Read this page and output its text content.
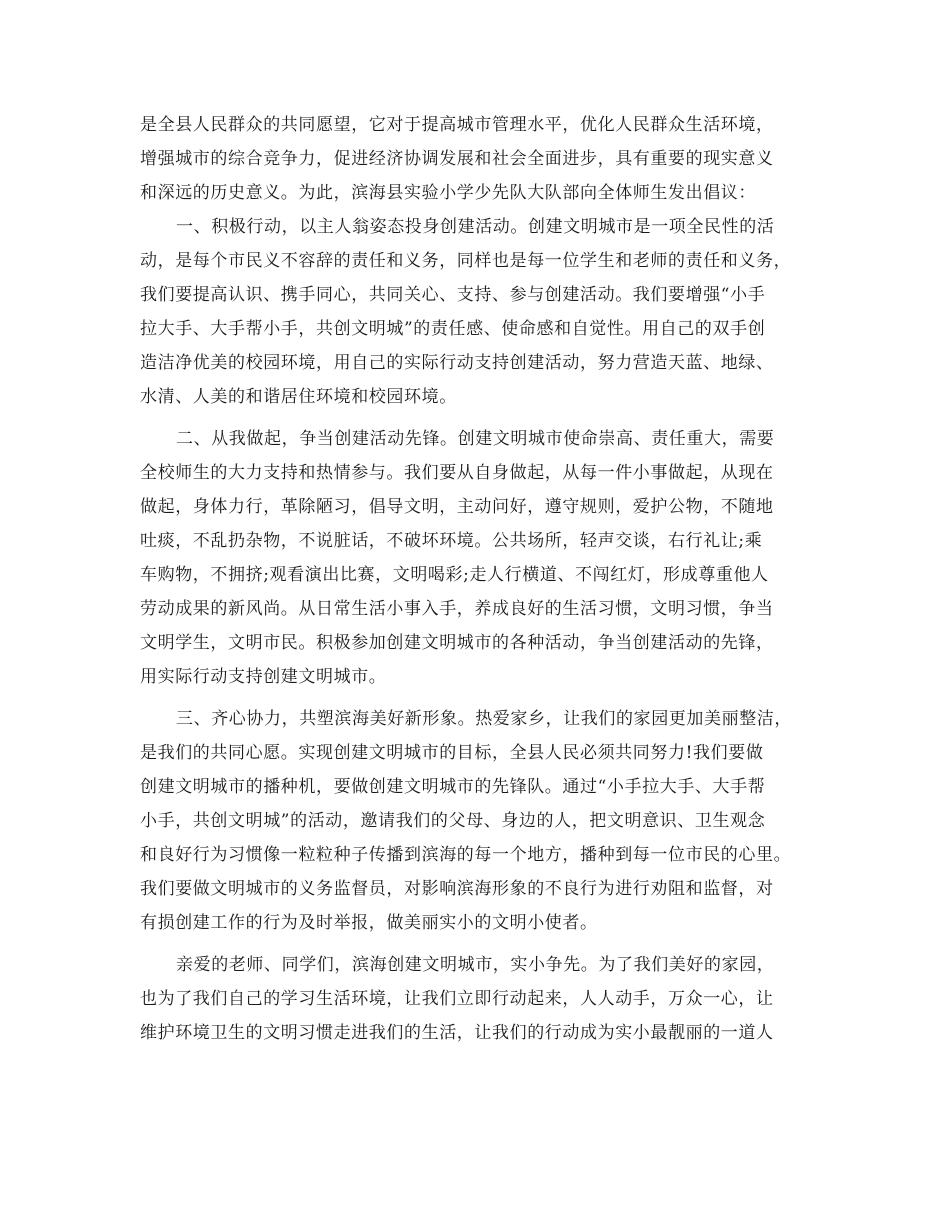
是全县人民群众的共同愿望，它对于提高城市管理水平，优化人民群众生活环境，
增强城市的综合竞争力，促进经济协调发展和社会全面进步，具有重要的现实意义
和深远的历史意义。为此，滨海县实验小学少先队大队部向全体师生发出倡议：
一、积极行动，以主人翁姿态投身创建活动。创建文明城市是一项全民性的活
动，是每个市民义不容辞的责任和义务，同样也是每一位学生和老师的责任和义务，
我们要提高认识、携手同心，共同关心、支持、参与创建活动。我们要增强“小手
拉大手、大手帮小手，共创文明城”的责任感、使命感和自觉性。用自己的双手创
造洁净优美的校园环境，用自己的实际行动支持创建活动，努力营造天蓝、地绿、
水清、人美的和谐居住环境和校园环境。
二、从我做起，争当创建活动先锋。创建文明城市使命崇高、责任重大，需要
全校师生的大力支持和热情参与。我们要从自身做起，从每一件小事做起，从现在
做起，身体力行，革除陋习，倡导文明，主动问好，遵守规则，爱护公物，不随地
吐痰，不乱扔杂物，不说脏话，不破坏环境。公共场所，轻声交谈，右行礼让;乘
车购物，不拥挤;观看演出比赛，文明喝彩;走人行横道、不闯红灯，形成尊重他人
劳动成果的新风尚。从日常生活小事入手，养成良好的生活习惯，文明习惯，争当
文明学生，文明市民。积极参加创建文明城市的各种活动，争当创建活动的先锋，
用实际行动支持创建文明城市。
三、齐心协力，共塑滨海美好新形象。热爱家乡，让我们的家园更加美丽整洁，
是我们的共同心愿。实现创建文明城市的目标，全县人民必须共同努力!我们要做
创建文明城市的播种机，要做创建文明城市的先锋队。通过“小手拉大手、大手帮
小手，共创文明城”的活动，邀请我们的父母、身边的人，把文明意识、卫生观念
和良好行为习惯像一粒粒种子传播到滨海的每一个地方，播种到每一位市民的心里。
我们要做文明城市的义务监督员，对影响滨海形象的不良行为进行劝阻和监督，对
有损创建工作的行为及时举报，做美丽实小的文明小使者。
亲爱的老师、同学们，滨海创建文明城市，实小争先。为了我们美好的家园，
也为了我们自己的学习生活环境，让我们立即行动起来，人人动手，万众一心，让
维护环境卫生的文明习惯走进我们的生活，让我们的行动成为实小最靓丽的一道人
